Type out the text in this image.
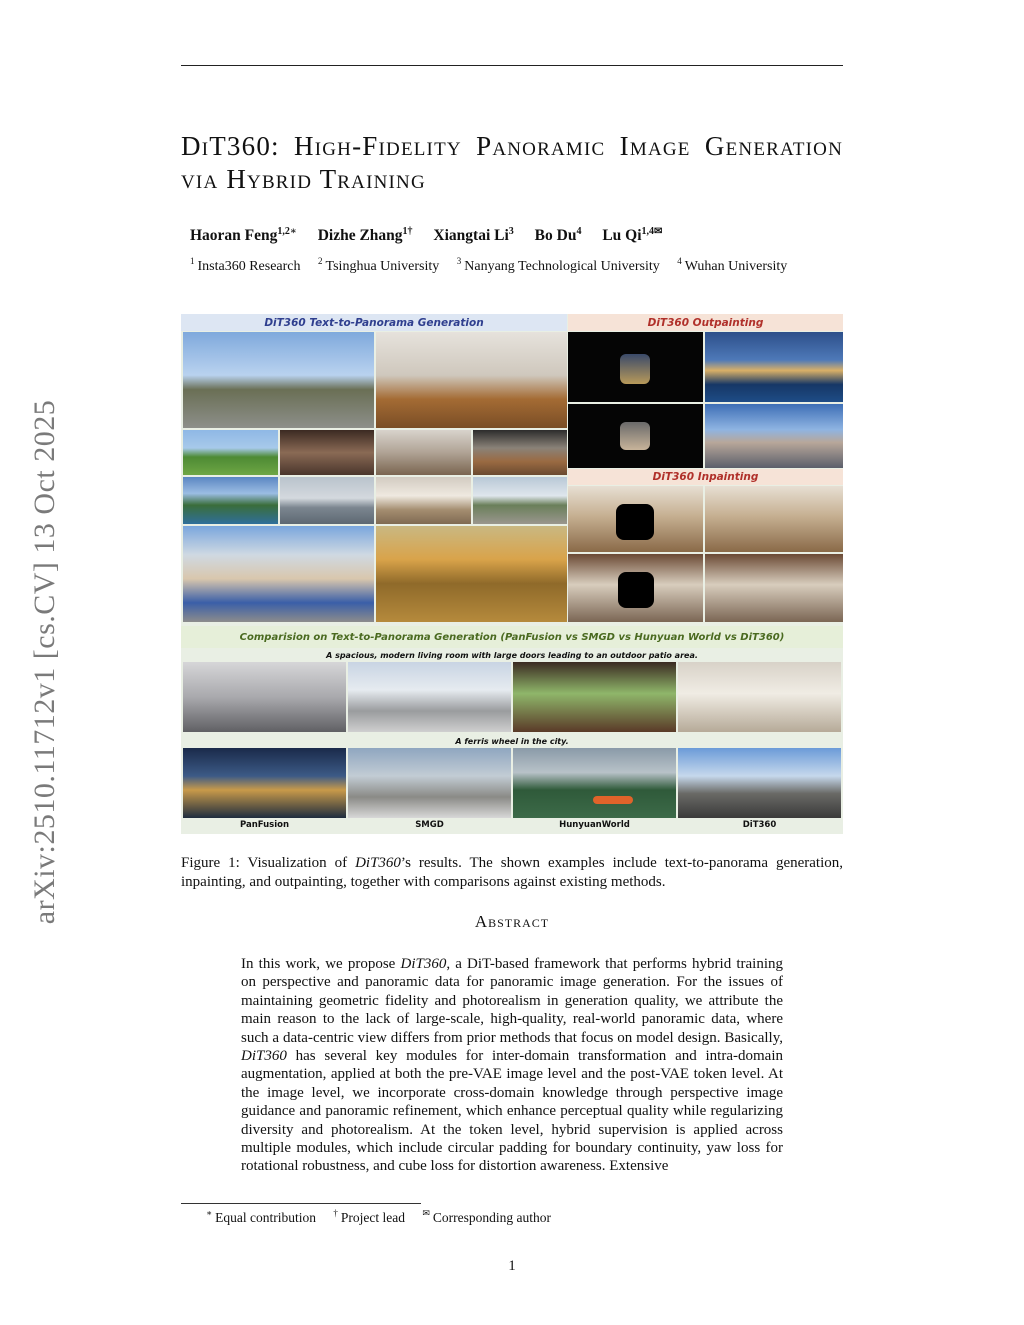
arXiv:2510.11712v1 [cs.CV] 13 Oct 2025
DiT360: High-Fidelity Panoramic Image Generation via Hybrid Training
Haoran Feng$^{1,2∗}$ Dizhe Zhang$^{1\dagger}$ Xiangtai Li$^3$ Bo Du$^4$ Lu $Qi^{1,4✉}$
$^1$ Insta360 Research $^2$ Tsinghua University $^3$ Nanyang Technological University $^4$ Wuhan University
DiT360 Text-to-Panorama Generation	DiT360 Outpainting
DiT360 Inpainting
Comparision on Text-to-Panorama Generation (PanFusion vs SMGD vs Hunyuan World vs DiT360)
A spacious, modern living room with large doors leading to an outdoor patio area.
A ferris wheel in the city.
PanFusion	SMGD	HunyuanWorld	DiT360
Figure 1: Visualization of DiT360’s results. The shown examples include text-to-panorama generation, inpainting, and outpainting, together with comparisons against existing methods.
Abstract
In this work, we propose DiT360, a DiT-based framework that performs hybrid training on perspective and panoramic data for panoramic image generation. For the issues of maintaining geometric fidelity and photorealism in generation quality, we attribute the main reason to the lack of large-scale, high-quality, real-world panoramic data, where such a data-centric view differs from prior methods that focus on model design. Basically, DiT360 has several key modules for inter-domain transformation and intra-domain augmentation, applied at both the pre-VAE image level and the post-VAE token level. At the image level, we incorporate cross-domain knowledge through perspective image guidance and panoramic refinement, which enhance perceptual quality while regularizing diversity and photorealism. At the token level, hybrid supervision is applied across multiple modules, which include circular padding for boundary continuity, yaw loss for rotational robustness, and cube loss for distortion awareness. Extensive
∗ Equal contribution † Project lead ✉ Corresponding author
1
